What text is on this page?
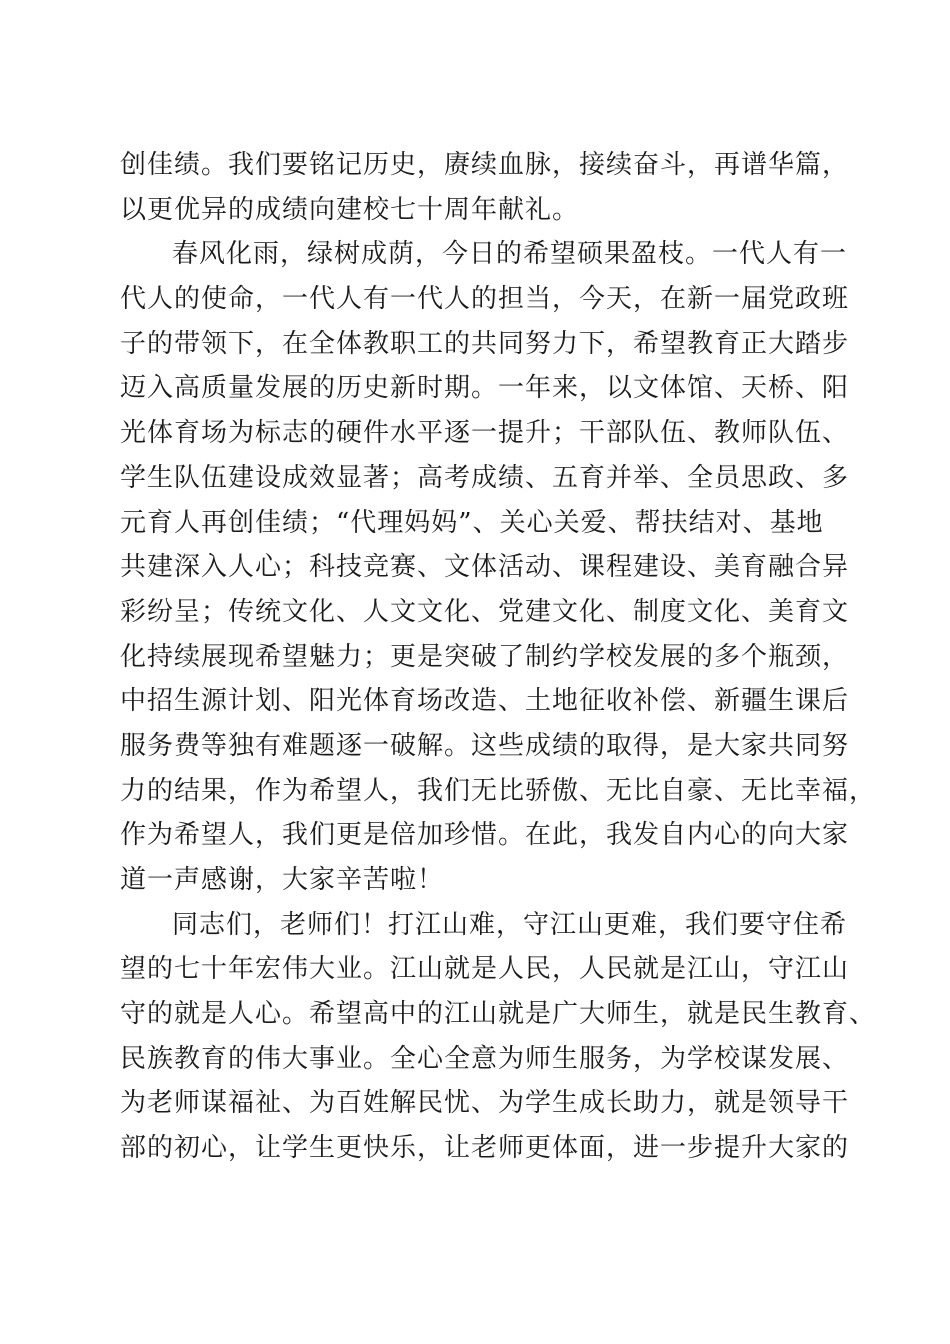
创佳绩。我们要铭记历史，赓续血脉，接续奋斗，再谱华篇，
以更优异的成绩向建校七十周年献礼。
春风化雨，绿树成荫，今日的希望硕果盈枝。一代人有一
代人的使命，一代人有一代人的担当，今天，在新一届党政班
子的带领下，在全体教职工的共同努力下，希望教育正大踏步
迈入高质量发展的历史新时期。一年来，以文体馆、天桥、阳
光体育场为标志的硬件水平逐一提升；干部队伍、教师队伍、
学生队伍建设成效显著；高考成绩、五育并举、全员思政、多
元育人再创佳绩；“代理妈妈”、关心关爱、帮扶结对、基地
共建深入人心；科技竞赛、文体活动、课程建设、美育融合异
彩纷呈；传统文化、人文文化、党建文化、制度文化、美育文
化持续展现希望魅力；更是突破了制约学校发展的多个瓶颈，
中招生源计划、阳光体育场改造、土地征收补偿、新疆生课后
服务费等独有难题逐一破解。这些成绩的取得，是大家共同努
力的结果，作为希望人，我们无比骄傲、无比自豪、无比幸福，
作为希望人，我们更是倍加珍惜。在此，我发自内心的向大家
道一声感谢，大家辛苦啦！
同志们，老师们！打江山难，守江山更难，我们要守住希
望的七十年宏伟大业。江山就是人民，人民就是江山，守江山
守的就是人心。希望高中的江山就是广大师生，就是民生教育、
民族教育的伟大事业。全心全意为师生服务，为学校谋发展、
为老师谋福祉、为百姓解民忧、为学生成长助力，就是领导干
部的初心，让学生更快乐，让老师更体面，进一步提升大家的
